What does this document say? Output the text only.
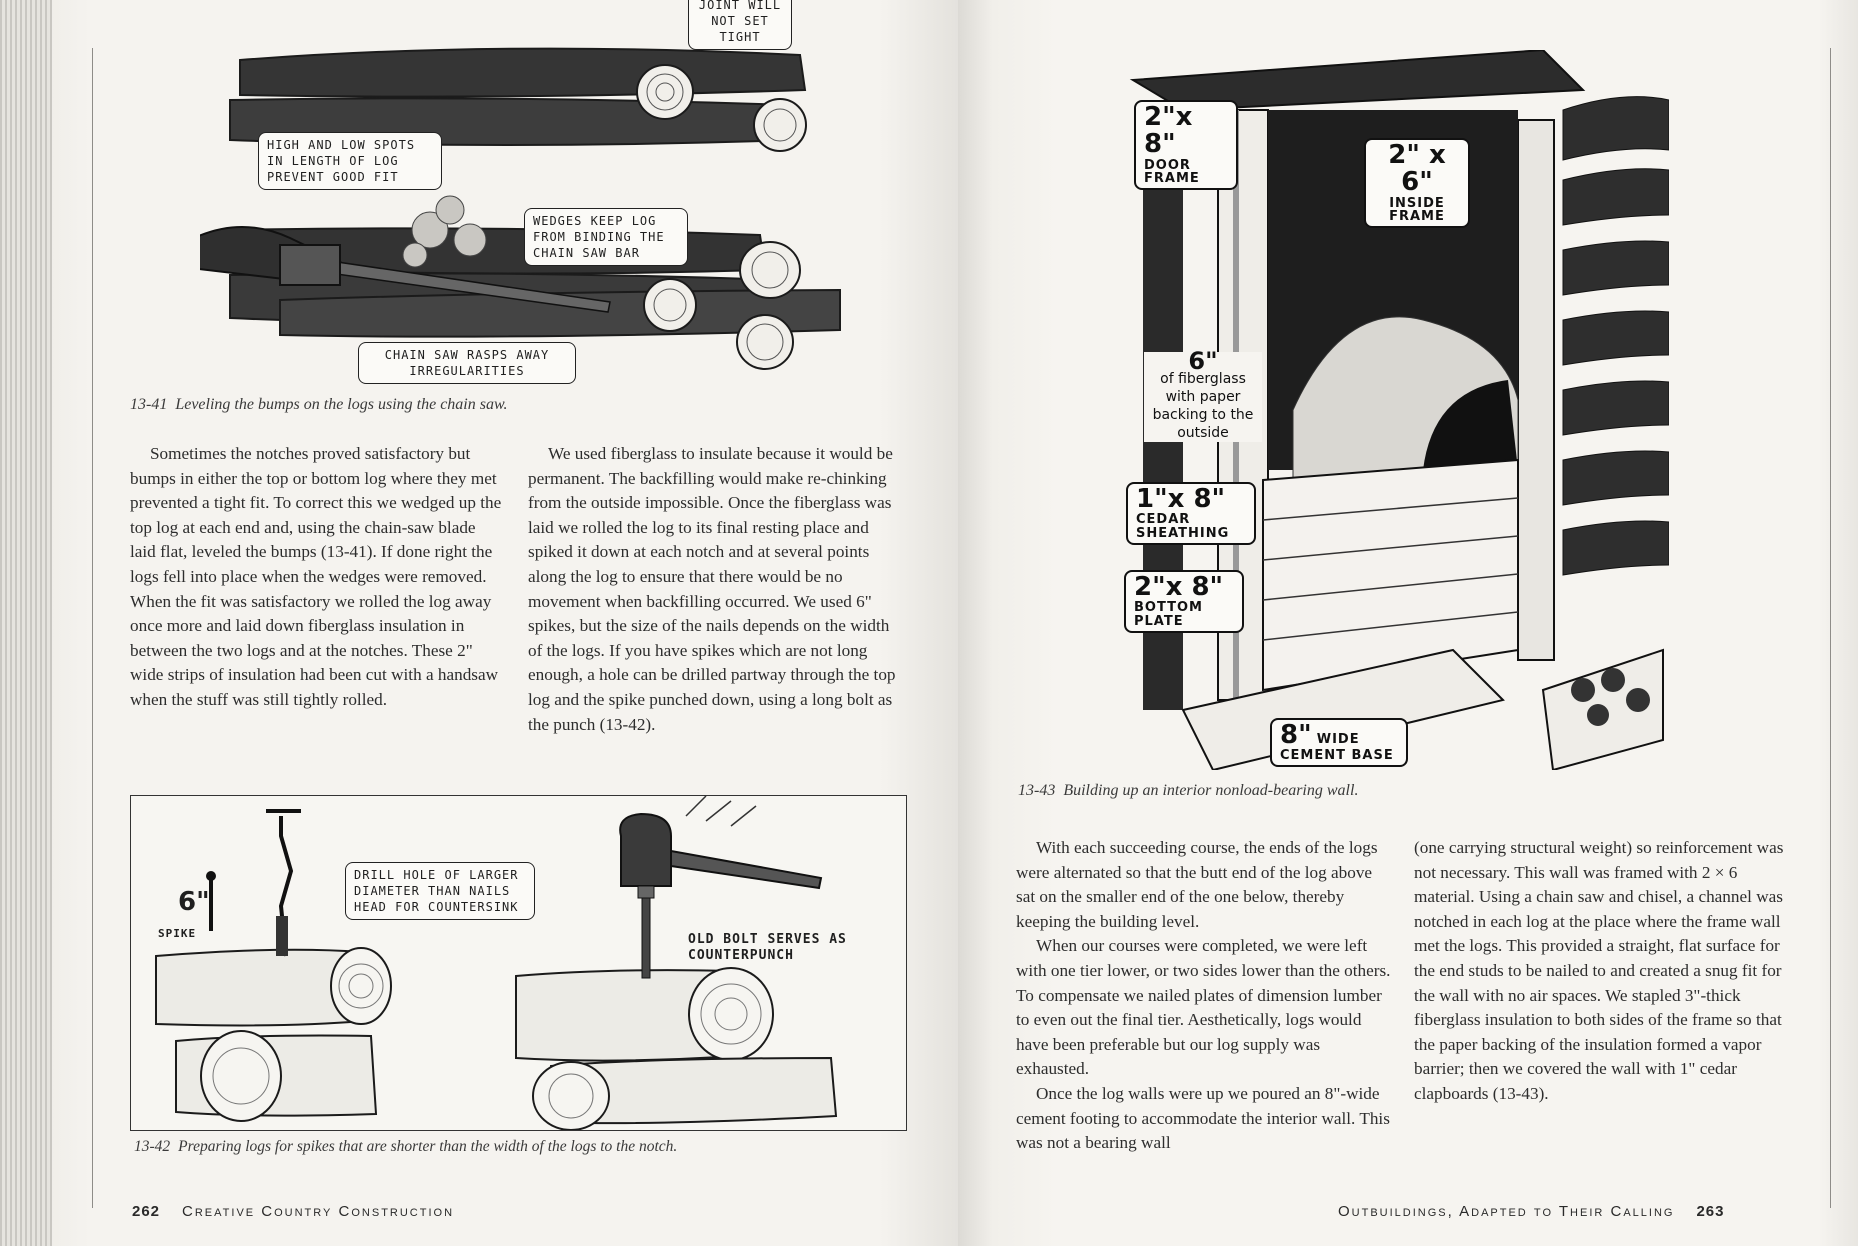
JOINT WILL NOT SET TIGHT
HIGH AND LOW SPOTS IN LENGTH OF LOG PREVENT GOOD FIT
WEDGES KEEP LOG FROM BINDING THE CHAIN SAW BAR
CHAIN SAW RASPS AWAY IRREGULARITIES
13-41 Leveling the bumps on the logs using the chain saw.

Sometimes the notches proved satisfactory but bumps in either the top or bottom log where they met prevented a tight fit. To correct this we wedged up the top log at each end and, using the chain-saw blade laid flat, leveled the bumps (13-41). If done right the logs fell into place when the wedges were removed. When the fit was satisfactory we rolled the log away once more and laid down fiberglass insulation in between the two logs and at the notches. These 2" wide strips of insulation had been cut with a handsaw when the stuff was still tightly rolled.

We used fiberglass to insulate because it would be permanent. The backfilling would make re-chinking from the outside impossible. Once the fiberglass was laid we rolled the log to its final resting place and spiked it down at each notch and at several points along the log to ensure that there would be no movement when backfilling occurred. We used 6" spikes, but the size of the nails depends on the width of the logs. If you have spikes which are not long enough, a hole can be drilled partway through the top log and the spike punched down, using a long bolt as the punch (13-42).

6"
SPIKE
DRILL HOLE OF LARGER DIAMETER THAN NAILS HEAD FOR COUNTERSINK
OLD BOLT SERVES AS COUNTERPUNCH
13-42 Preparing logs for spikes that are shorter than the width of the logs to the notch.
262 Creative Country Construction
2"x 8"
DOOR FRAME
2" x 6"
INSIDE FRAME
6"
of fiberglass with paper backing to the outside
1"x 8"
CEDAR SHEATHING
2"x 8"
BOTTOM PLATE
8" WIDE
CEMENT BASE
13-43 Building up an interior nonload-bearing wall.

With each succeeding course, the ends of the logs were alternated so that the butt end of the log above sat on the smaller end of the one below, thereby keeping the building level.

When our courses were completed, we were left with one tier lower, or two sides lower than the others. To compensate we nailed plates of dimension lumber to even out the final tier. Aesthetically, logs would have been preferable but our log supply was exhausted.

Once the log walls were up we poured an 8"-wide cement footing to accommodate the interior wall. This was not a bearing wall

(one carrying structural weight) so reinforcement was not necessary. This wall was framed with 2 × 6 material. Using a chain saw and chisel, a channel was notched in each log at the place where the frame wall met the logs. This provided a straight, flat surface for the end studs to be nailed to and created a snug fit for the wall with no air spaces. We stapled 3"-thick fiberglass insulation to both sides of the frame so that the paper backing of the insulation formed a vapor barrier; then we covered the wall with 1" cedar clapboards (13-43).

Outbuildings, Adapted to Their Calling 263
